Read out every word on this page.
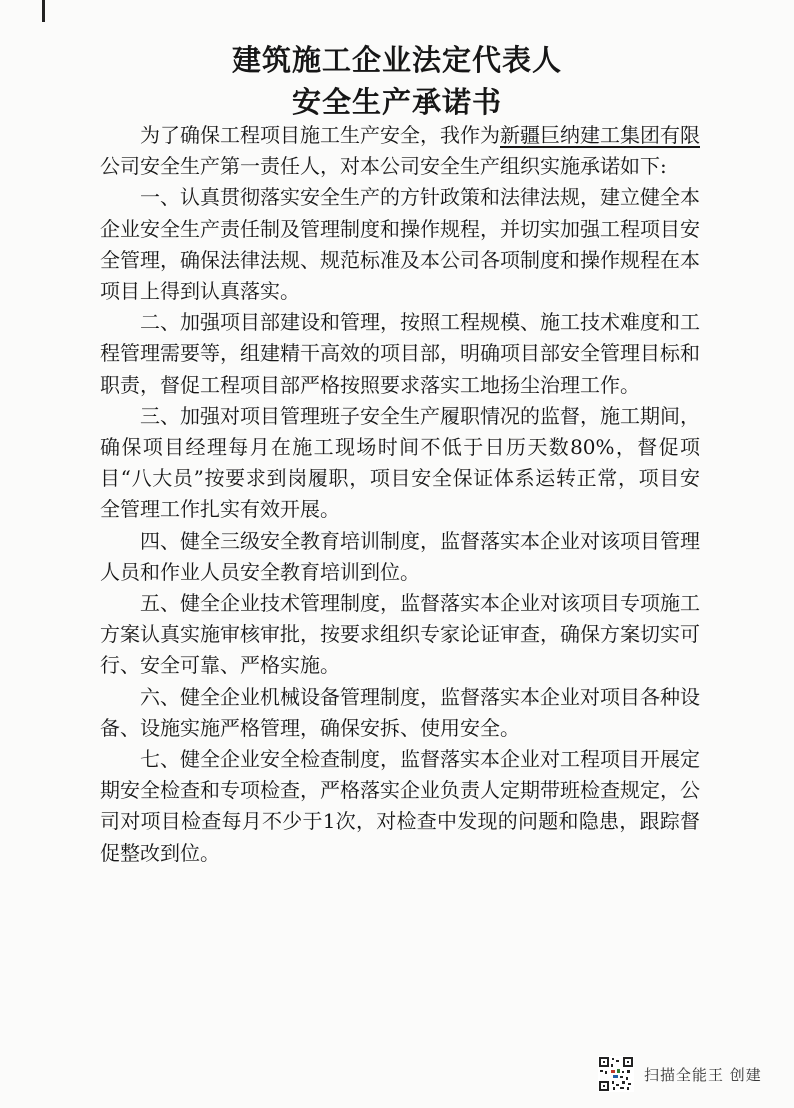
建筑施工企业法定代表人
安全生产承诺书

为了确保工程项目施工生产安全，我作为新疆巨纳建工集团有限公司安全生产第一责任人，对本公司安全生产组织实施承诺如下:

一、认真贯彻落实安全生产的方针政策和法律法规，建立健全本企业安全生产责任制及管理制度和操作规程，并切实加强工程项目安全管理，确保法律法规、规范标准及本公司各项制度和操作规程在本项目上得到认真落实。

二、加强项目部建设和管理，按照工程规模、施工技术难度和工程管理需要等，组建精干高效的项目部，明确项目部安全管理目标和职责，督促工程项目部严格按照要求落实工地扬尘治理工作。

三、加强对项目管理班子安全生产履职情况的监督，施工期间，确保项目经理每月在施工现场时间不低于日历天数80%，督促项目“八大员”按要求到岗履职，项目安全保证体系运转正常，项目安全管理工作扎实有效开展。

四、健全三级安全教育培训制度，监督落实本企业对该项目管理人员和作业人员安全教育培训到位。

五、健全企业技术管理制度，监督落实本企业对该项目专项施工方案认真实施审核审批，按要求组织专家论证审查，确保方案切实可行、安全可靠、严格实施。

六、健全企业机械设备管理制度，监督落实本企业对项目各种设备、设施实施严格管理，确保安拆、使用安全。

七、健全企业安全检查制度，监督落实本企业对工程项目开展定期安全检查和专项检查，严格落实企业负责人定期带班检查规定，公司对项目检查每月不少于1次，对检查中发现的问题和隐患，跟踪督促整改到位。

扫描全能王 创建
